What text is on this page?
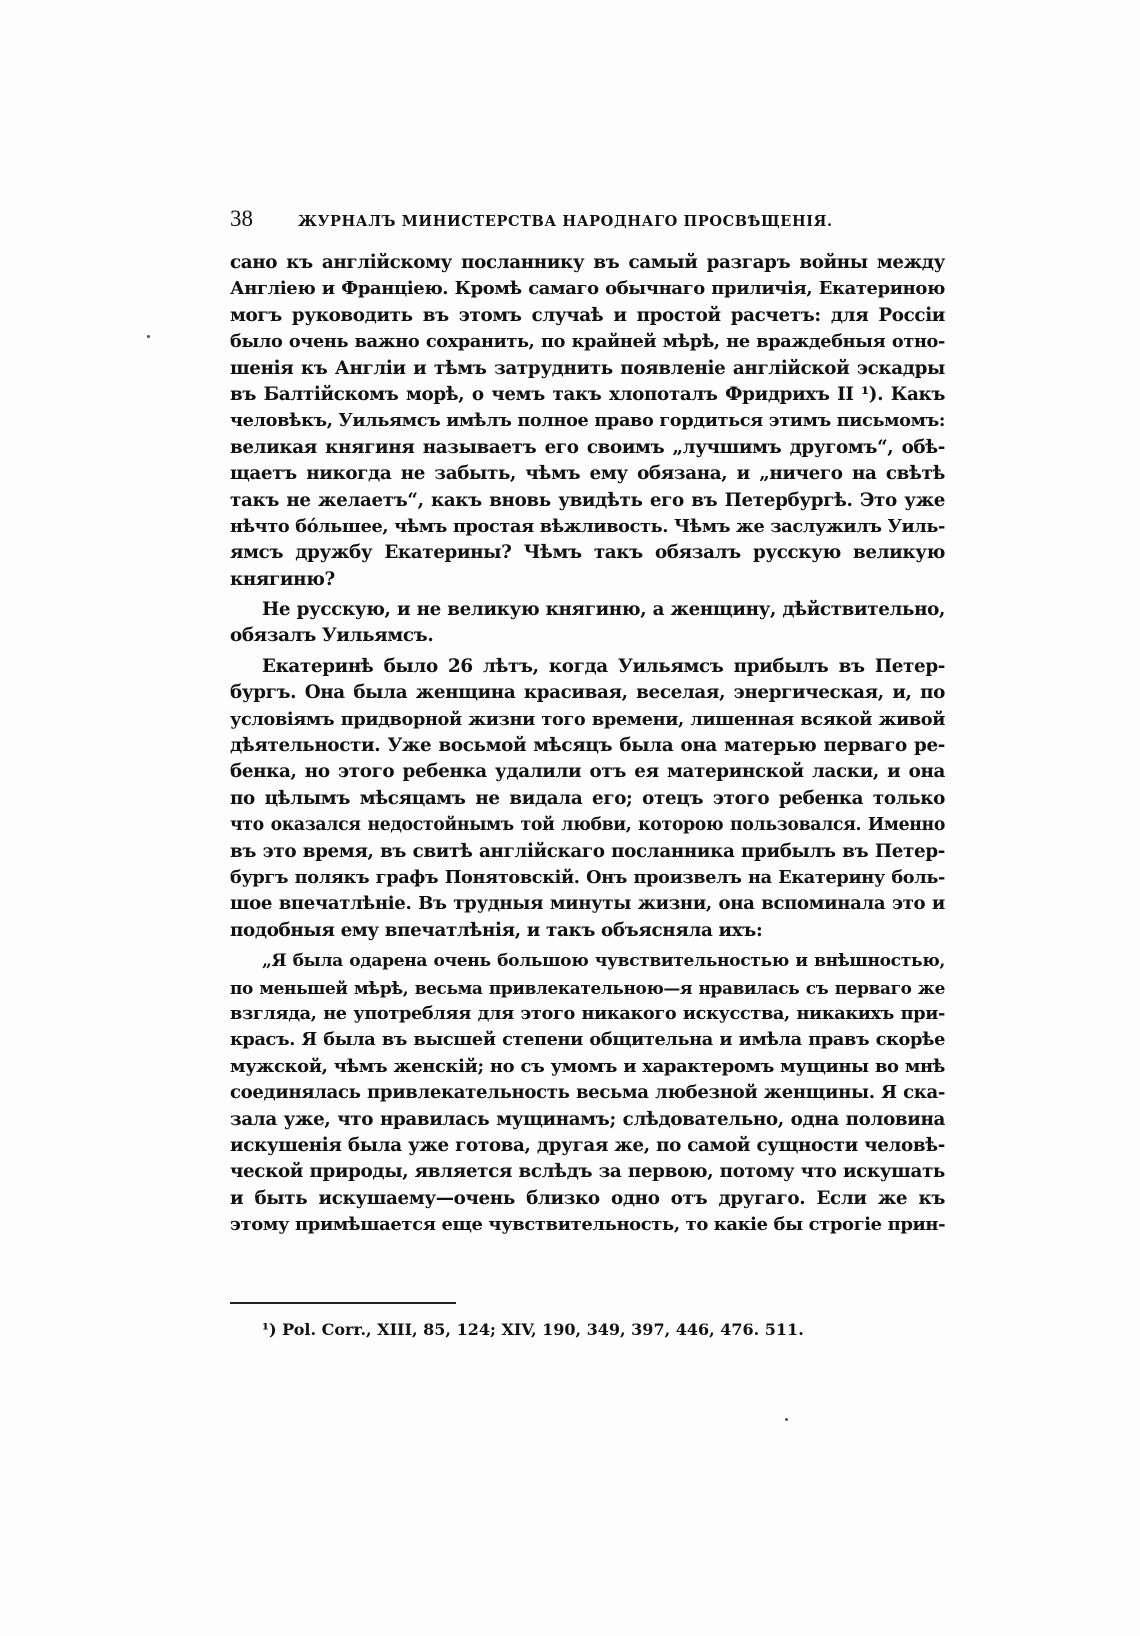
38	ЖУРНАЛЪ МИНИСТЕРСТВА НАРОДНАГО ПРОСВѢЩЕНІЯ.
сано къ англійскому посланнику въ самый разгаръ войны между
Англіею и Франціею. Кромѣ самаго обычнаго приличія, Екатериною
могъ руководить въ этомъ случаѣ и простой расчетъ: для Россіи
было очень важно сохранить, по крайней мѣрѣ, не враждебныя отно-
шенія къ Англіи и тѣмъ затруднить появленіе англійской эскадры
въ Балтійскомъ морѣ, о чемъ такъ хлопоталъ Фридрихъ II ¹). Какъ
человѣкъ, Уильямсъ имѣлъ полное право гордиться этимъ письмомъ:
великая княгиня называетъ его своимъ „лучшимъ другомъ“, обѣ-
щаетъ никогда не забыть, чѣмъ ему обязана, и „ничего на свѣтѣ
такъ не желаетъ“, какъ вновь увидѣть его въ Петербургѣ. Это уже
нѣчто бо́льшее, чѣмъ простая вѣжливость. Чѣмъ же заслужилъ Уиль-
ямсъ дружбу Екатерины? Чѣмъ такъ обязалъ русскую великую
княгиню?
Не русскую, и не великую княгиню, а женщину, дѣйствительно,
обязалъ Уильямсъ.
Екатеринѣ было 26 лѣтъ, когда Уильямсъ прибылъ въ Петер-
бургъ. Она была женщина красивая, веселая, энергическая, и, по
условіямъ придворной жизни того времени, лишенная всякой живой
дѣятельности. Уже восьмой мѣсяцъ была она матерью перваго ре-
бенка, но этого ребенка удалили отъ ея материнской ласки, и она
по цѣлымъ мѣсяцамъ не видала его; отецъ этого ребенка только
что оказался недостойнымъ той любви, которою пользовался. Именно
въ это время, въ свитѣ англійскаго посланника прибылъ въ Петер-
бургъ полякъ графъ Понятовскій. Онъ произвелъ на Екатерину боль-
шое впечатлѣніе. Въ трудныя минуты жизни, она вспоминала это и
подобныя ему впечатлѣнія, и такъ объясняла ихъ:
„Я была одарена очень большою чувствительностью и внѣшностью,
по меньшей мѣрѣ, весьма привлекательною—я нравилась съ перваго же
взгляда, не употребляя для этого никакого искусства, никакихъ при-
красъ. Я была въ высшей степени общительна и имѣла правъ скорѣе
мужской, чѣмъ женскій; но съ умомъ и характеромъ мущины во мнѣ
соединялась привлекательность весьма любезной женщины. Я ска-
зала уже, что нравилась мущинамъ; слѣдовательно, одна половина
искушенія была уже готова, другая же, по самой сущности человѣ-
ческой природы, является вслѣдъ за первою, потому что искушать
и быть искушаему—очень близко одно отъ другаго. Если же къ
этому примѣшается еще чувствительность, то какіе бы строгіе прин-
¹) Pol. Corr., XIII, 85, 124; XIV, 190, 349, 397, 446, 476. 511.
